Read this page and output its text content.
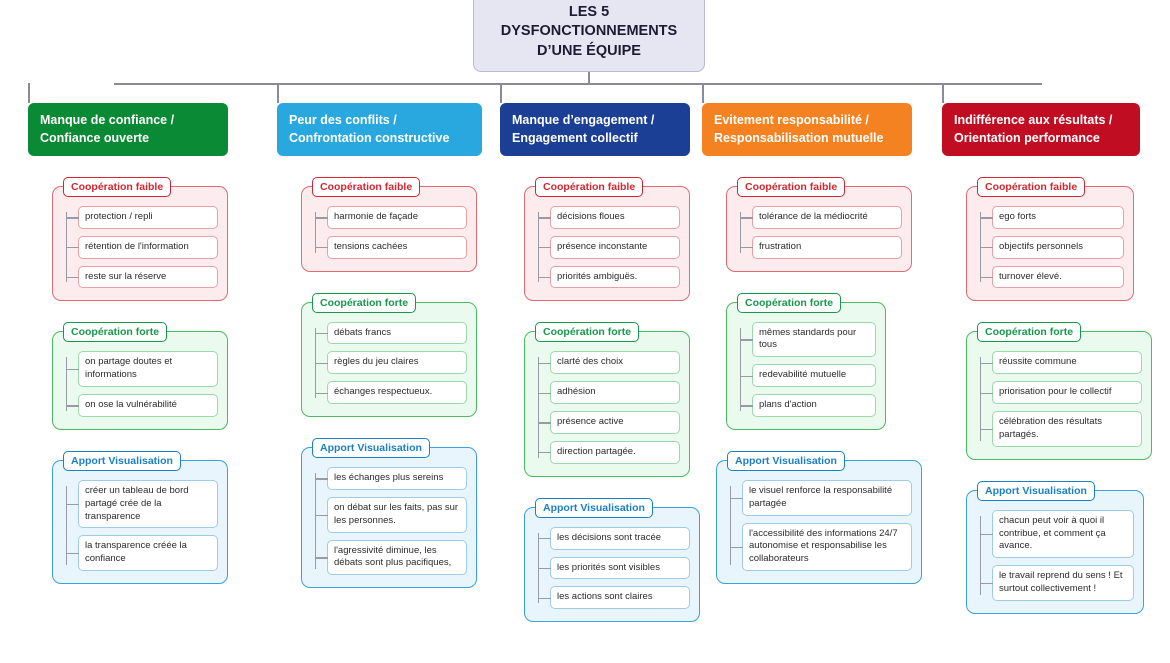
LES 5 DYSFONCTIONNEMENTS D’UNE ÉQUIPE
Manque de confiance / Confiance ouverte
Coopération faible
protection / repli
rétention de l'information
reste sur la réserve
Coopération forte
on partage doutes et informations
on ose la vulnérabilité
Apport Visualisation
créer un tableau de bord partagé crée de la transparence
la transparence créée la confiance
Peur des conflits / Confrontation constructive
Coopération faible
harmonie de façade
tensions cachées
Coopération forte
débats francs
règles du jeu claires
échanges respectueux.
Apport Visualisation
les échanges plus sereins
on débat sur les faits, pas sur les personnes.
l'agressivité diminue, les débats sont plus pacifiques,
Manque d’engagement / Engagement collectif
Coopération faible
décisions floues
présence inconstante
priorités ambiguës.
Coopération forte
clarté des choix
adhésion
présence active
direction partagée.
Apport Visualisation
les décisions sont tracée
les priorités sont visibles
les actions sont claires
Evitement responsabilité / Responsabilisation mutuelle
Coopération faible
tolérance de la médiocrité
frustration
Coopération forte
mêmes standards pour tous
redevabilité mutuelle
plans d'action
Apport Visualisation
le visuel renforce la responsabilité partagée
l'accessibilité des informations 24/7 autonomise et responsabilise les collaborateurs
Indifférence aux résultats / Orientation performance
Coopération faible
ego forts
objectifs personnels
turnover élevé.
Coopération forte
réussite commune
priorisation pour le collectif
célébration des résultats partagés.
Apport Visualisation
chacun peut voir à quoi il contribue, et comment ça avance.
le travail reprend du sens ! Et surtout collectivement !
